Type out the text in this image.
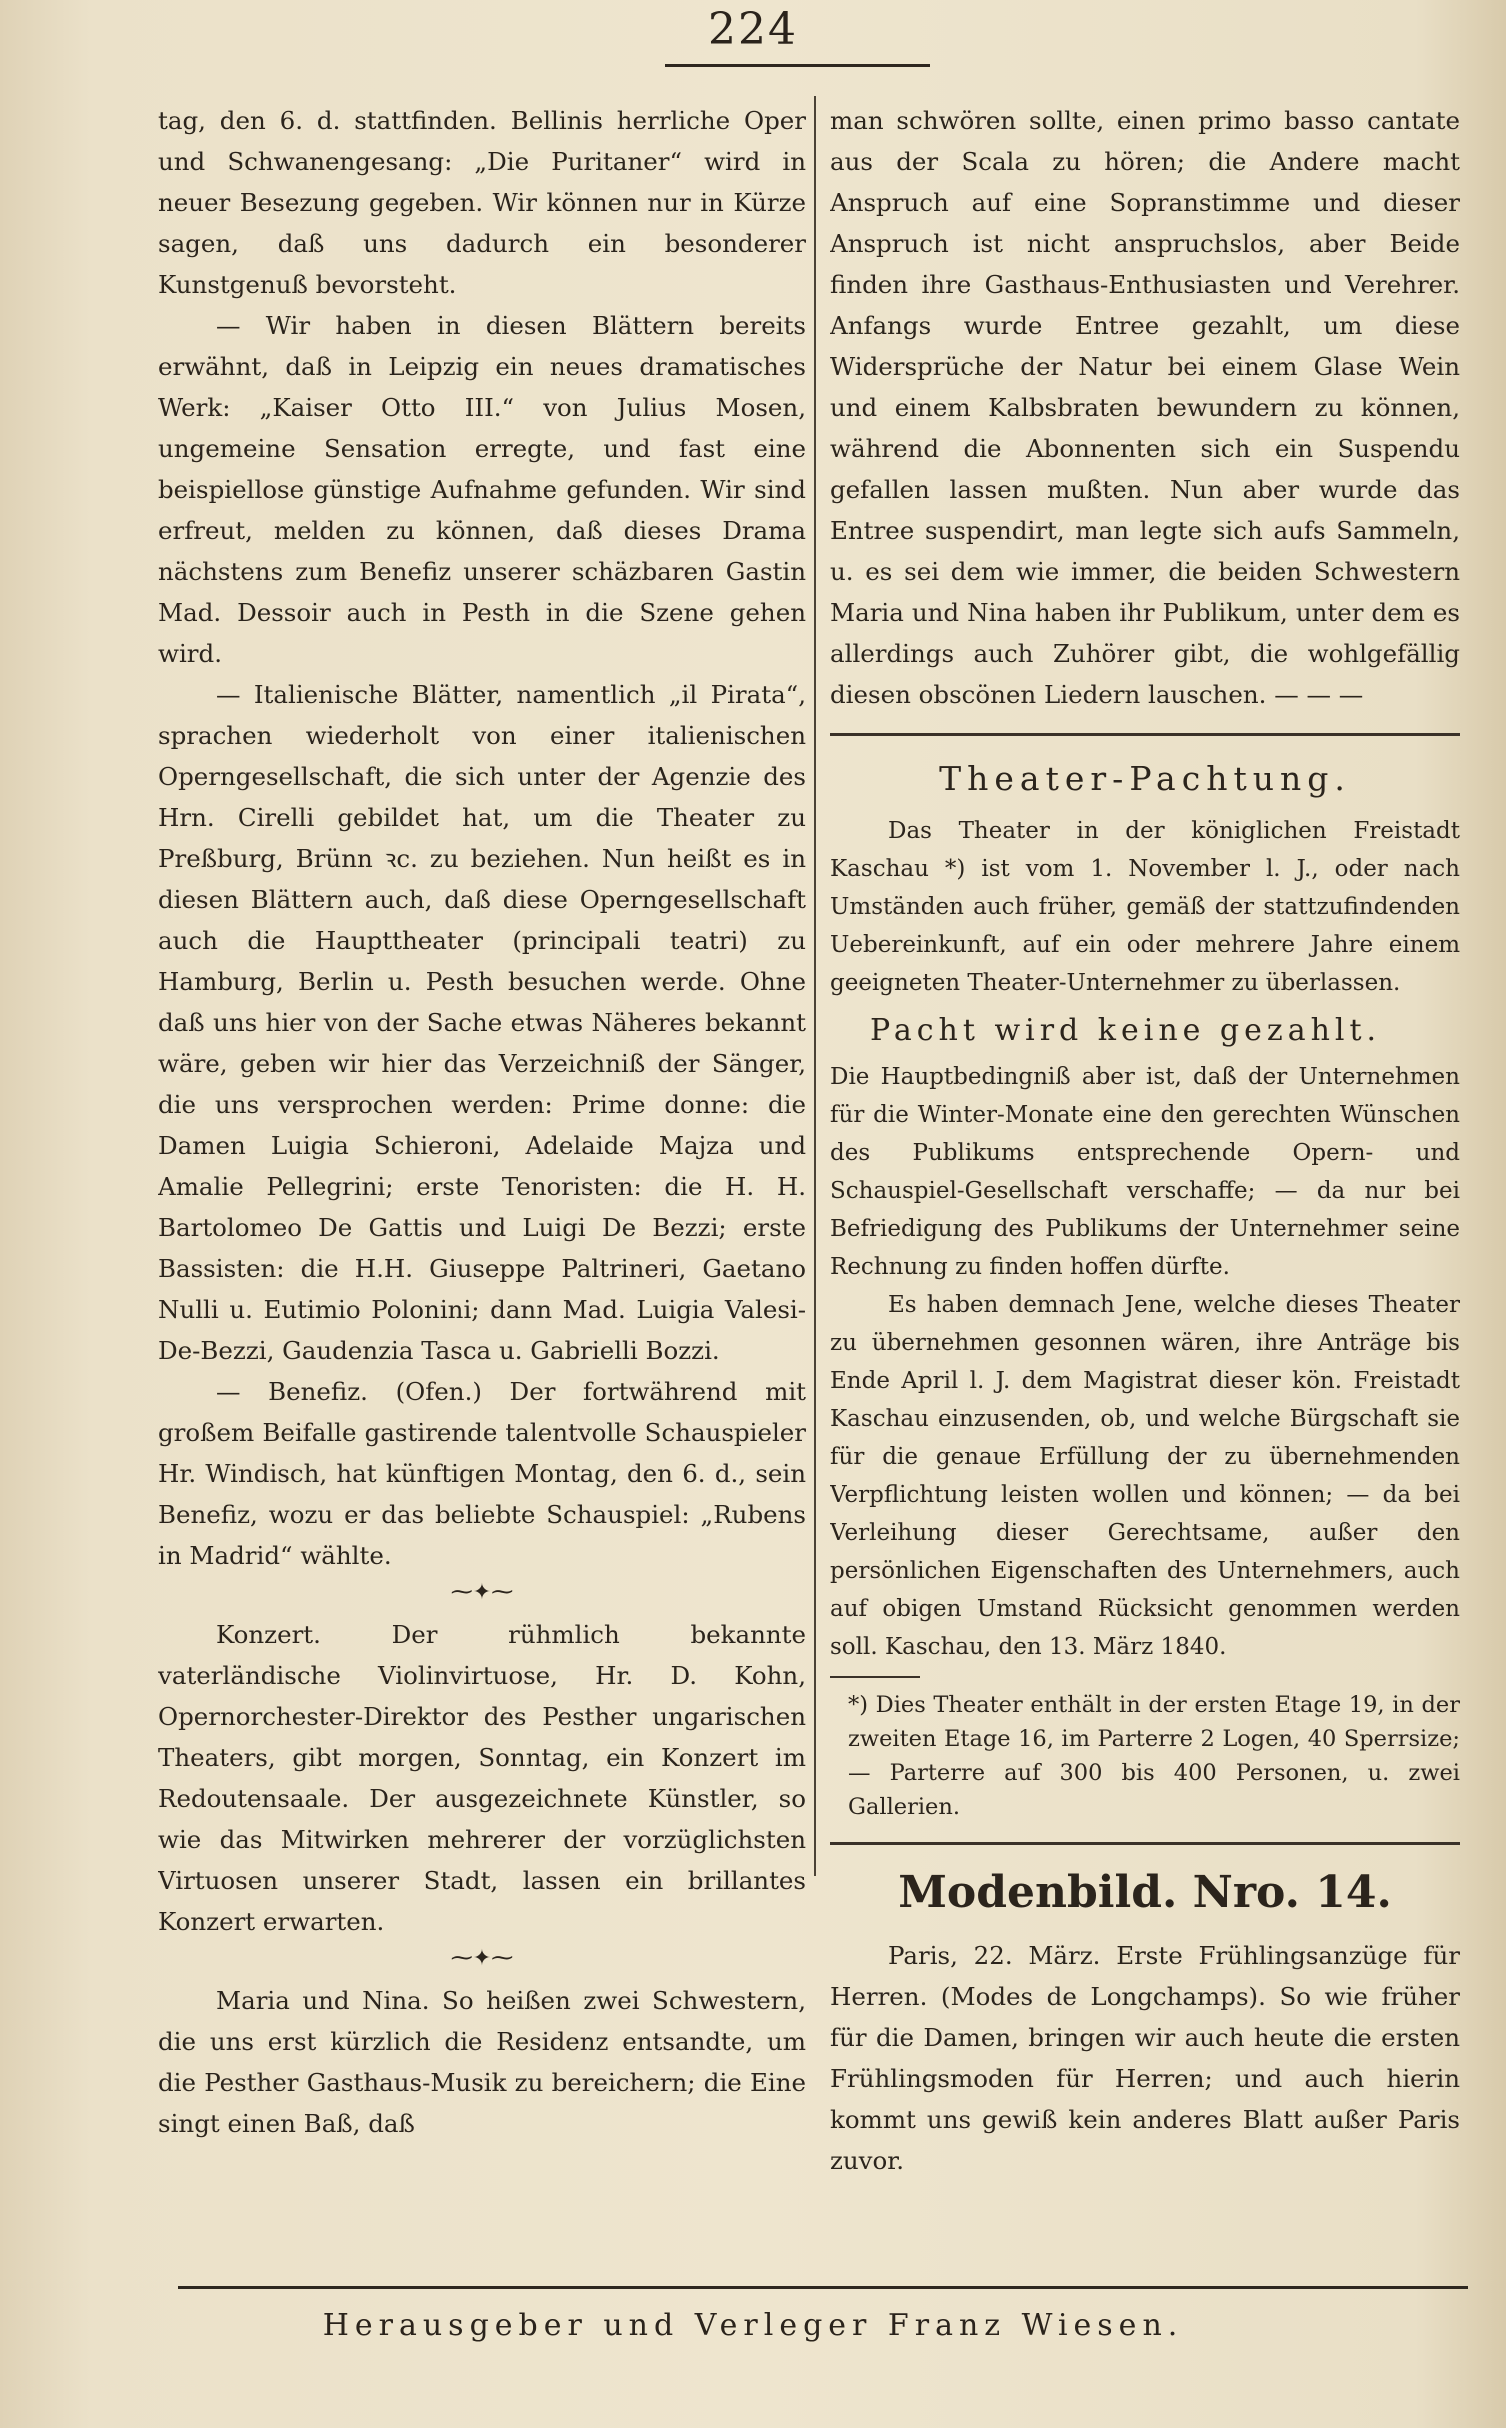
224

tag, den 6. d. stattfinden. Bellinis herrliche Oper und Schwanengesang: „Die Puritaner“ wird in neuer Besezung gegeben. Wir können nur in Kürze sagen, daß uns dadurch ein besonderer Kunstgenuß bevorsteht.

— Wir haben in diesen Blättern bereits erwähnt, daß in Leipzig ein neues dramatisches Werk: „Kaiser Otto III.“ von Julius Mosen, ungemeine Sensation erregte, und fast eine beispiellose günstige Aufnahme gefunden. Wir sind erfreut, melden zu können, daß dieses Drama nächstens zum Benefiz unserer schäzbaren Gastin Mad. Dessoir auch in Pesth in die Szene gehen wird.

— Italienische Blätter, namentlich „il Pirata“, sprachen wiederholt von einer italienischen Operngesellschaft, die sich unter der Agenzie des Hrn. Cirelli gebildet hat, um die Theater zu Preßburg, Brünn ꝛc. zu beziehen. Nun heißt es in diesen Blättern auch, daß diese Operngesellschaft auch die Haupttheater (principali teatri) zu Hamburg, Berlin u. Pesth besuchen werde. Ohne daß uns hier von der Sache etwas Näheres bekannt wäre, geben wir hier das Verzeichniß der Sänger, die uns versprochen werden: Prime donne: die Damen Luigia Schieroni, Adelaide Majza und Amalie Pellegrini; erste Tenoristen: die H. H. Bartolomeo De Gattis und Luigi De Bezzi; erste Bassisten: die H.H. Giuseppe Paltrineri, Gaetano Nulli u. Eutimio Polonini; dann Mad. Luigia Valesi-De-Bezzi, Gaudenzia Tasca u. Gabrielli Bozzi.

— Benefiz. (Ofen.) Der fortwährend mit großem Beifalle gastirende talentvolle Schauspieler Hr. Windisch, hat künftigen Montag, den 6. d., sein Benefiz, wozu er das beliebte Schauspiel: „Rubens in Madrid“ wählte.

⁓✦⁓

Konzert. Der rühmlich bekannte vaterländische Violinvirtuose, Hr. D. Kohn, Opernorchester-Direktor des Pesther ungarischen Theaters, gibt morgen, Sonntag, ein Konzert im Redoutensaale. Der ausgezeichnete Künstler, so wie das Mitwirken mehrerer der vorzüglichsten Virtuosen unserer Stadt, lassen ein brillantes Konzert erwarten.

⁓✦⁓

Maria und Nina. So heißen zwei Schwestern, die uns erst kürzlich die Residenz entsandte, um die Pesther Gasthaus-Musik zu bereichern; die Eine singt einen Baß, daß

man schwören sollte, einen primo basso cantate aus der Scala zu hören; die Andere macht Anspruch auf eine Sopranstimme und dieser Anspruch ist nicht anspruchslos, aber Beide finden ihre Gasthaus-Enthusiasten und Verehrer. Anfangs wurde Entree gezahlt, um diese Widersprüche der Natur bei einem Glase Wein und einem Kalbsbraten bewundern zu können, während die Abonnenten sich ein Suspendu gefallen lassen mußten. Nun aber wurde das Entree suspendirt, man legte sich aufs Sammeln, u. es sei dem wie immer, die beiden Schwestern Maria und Nina haben ihr Publikum, unter dem es allerdings auch Zuhörer gibt, die wohlgefällig diesen obscönen Liedern lauschen. — — —

Theater-Pachtung.

Das Theater in der königlichen Freistadt Kaschau *) ist vom 1. November l. J., oder nach Umständen auch früher, gemäß der stattzufindenden Uebereinkunft, auf ein oder mehrere Jahre einem geeigneten Theater-Unternehmer zu überlassen.

Pacht wird keine gezahlt.

Die Hauptbedingniß aber ist, daß der Unternehmen für die Winter-Monate eine den gerechten Wünschen des Publikums entsprechende Opern- und Schauspiel-Gesellschaft verschaffe; — da nur bei Befriedigung des Publikums der Unternehmer seine Rechnung zu finden hoffen dürfte.

Es haben demnach Jene, welche dieses Theater zu übernehmen gesonnen wären, ihre Anträge bis Ende April l. J. dem Magistrat dieser kön. Freistadt Kaschau einzusenden, ob, und welche Bürgschaft sie für die genaue Erfüllung der zu übernehmenden Verpflichtung leisten wollen und können; — da bei Verleihung dieser Gerechtsame, außer den persönlichen Eigenschaften des Unternehmers, auch auf obigen Umstand Rücksicht genommen werden soll. Kaschau, den 13. März 1840.

*) Dies Theater enthält in der ersten Etage 19, in der zweiten Etage 16, im Parterre 2 Logen, 40 Sperrsize; — Parterre auf 300 bis 400 Personen, u. zwei Gallerien.

Modenbild. Nro. 14.

Paris, 22. März. Erste Frühlingsanzüge für Herren. (Modes de Longchamps). So wie früher für die Damen, bringen wir auch heute die ersten Frühlingsmoden für Herren; und auch hierin kommt uns gewiß kein anderes Blatt außer Paris zuvor.

Herausgeber und Verleger Franz Wiesen.
